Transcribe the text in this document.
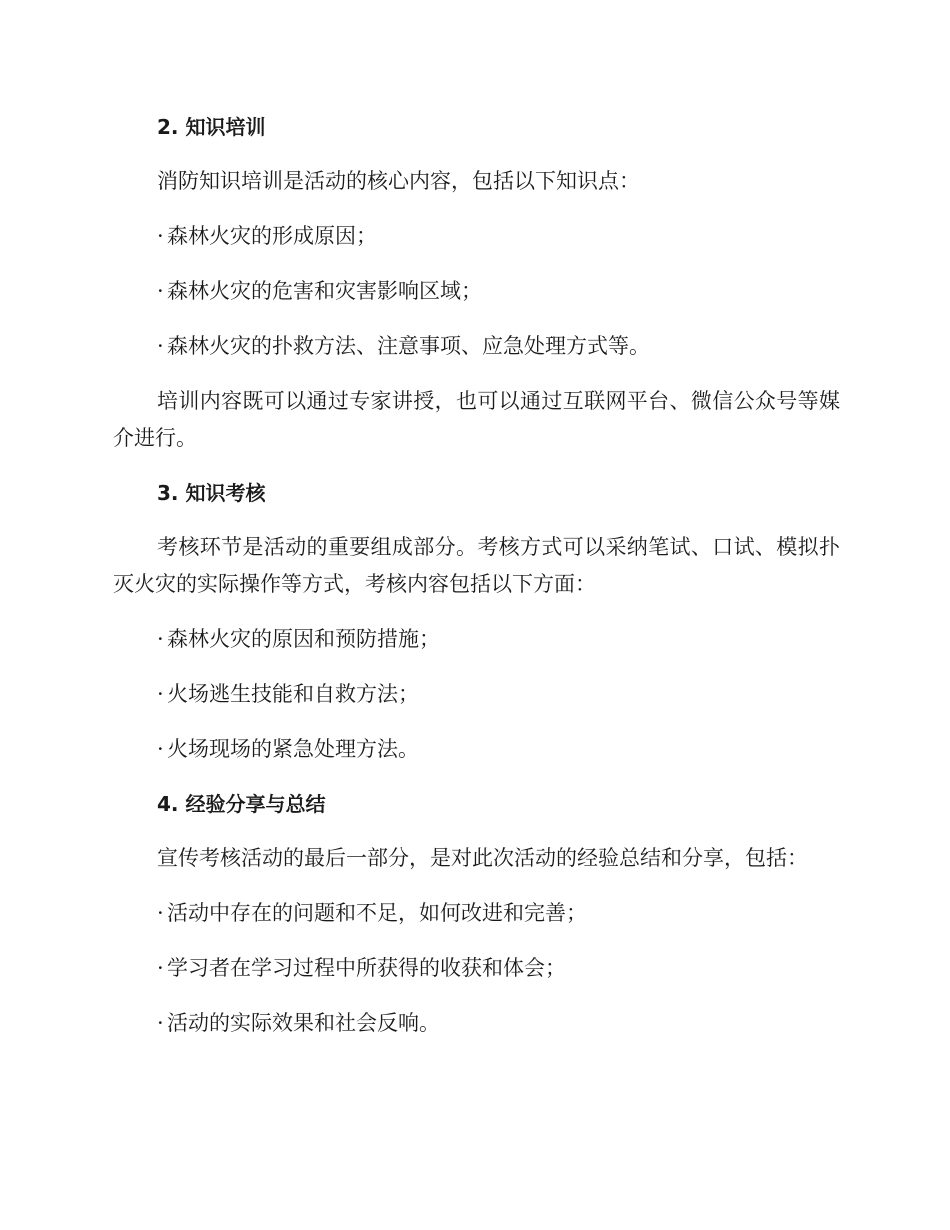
2. 知识培训
消防知识培训是活动的核心内容，包括以下知识点：
· 森林火灾的形成原因；
· 森林火灾的危害和灾害影响区域；
· 森林火灾的扑救方法、注意事项、应急处理方式等。
培训内容既可以通过专家讲授，也可以通过互联网平台、微信公众号等媒介进行。
3. 知识考核
考核环节是活动的重要组成部分。考核方式可以采纳笔试、口试、模拟扑灭火灾的实际操作等方式，考核内容包括以下方面：
· 森林火灾的原因和预防措施；
· 火场逃生技能和自救方法；
· 火场现场的紧急处理方法。
4. 经验分享与总结
宣传考核活动的最后一部分，是对此次活动的经验总结和分享，包括：
· 活动中存在的问题和不足，如何改进和完善；
· 学习者在学习过程中所获得的收获和体会；
· 活动的实际效果和社会反响。
